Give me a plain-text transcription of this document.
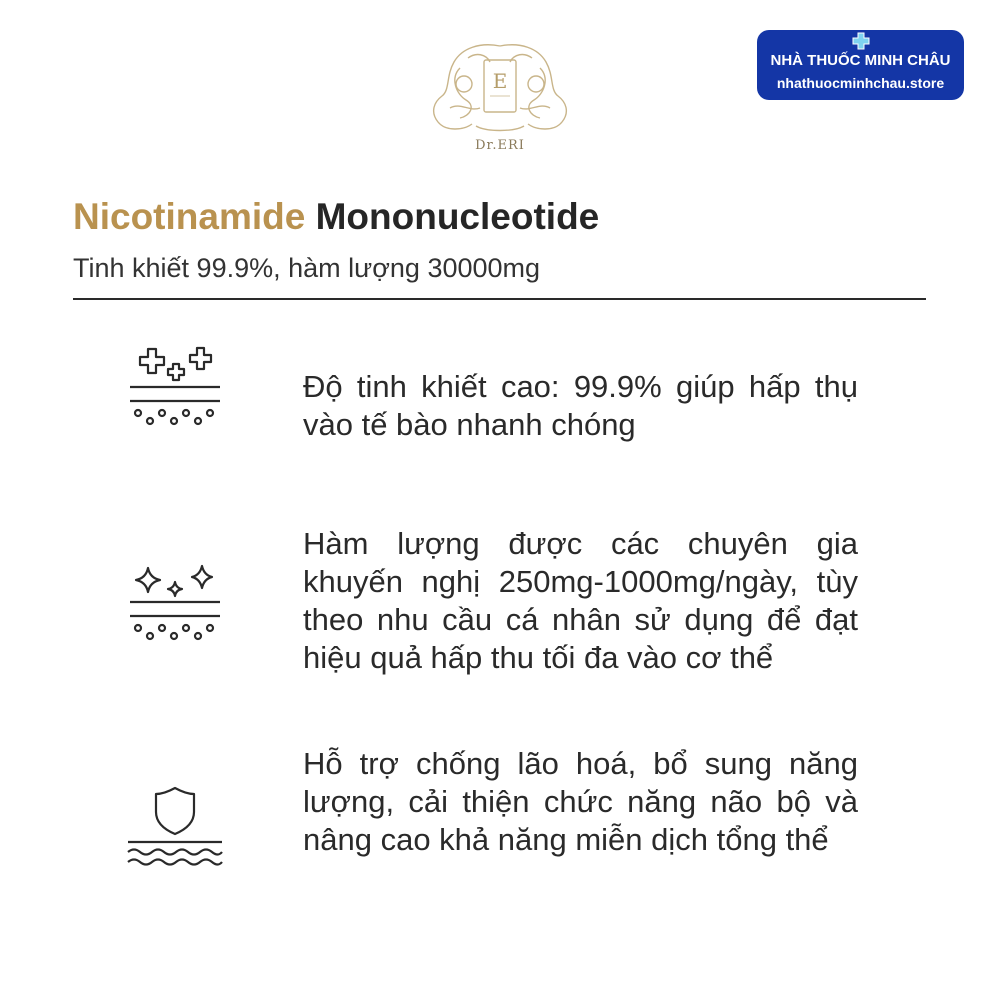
E
Dr.ERI
NHÀ THUỐC MINH CHÂU
nhathuocminhchau.store
Nicotinamide Mononucleotide
Tinh khiết 99.9%, hàm lượng 30000mg
Độ tinh khiết cao: 99.9% giúp hấp thụ vào tế bào nhanh chóng
Hàm lượng được các chuyên gia khuyến nghị 250mg-1000mg/ngày, tùy theo nhu cầu cá nhân sử dụng để đạt hiệu quả hấp thu tối đa vào cơ thể
Hỗ trợ chống lão hoá, bổ sung năng lượng, cải thiện chức năng não bộ và nâng cao khả năng miễn dịch tổng thể
